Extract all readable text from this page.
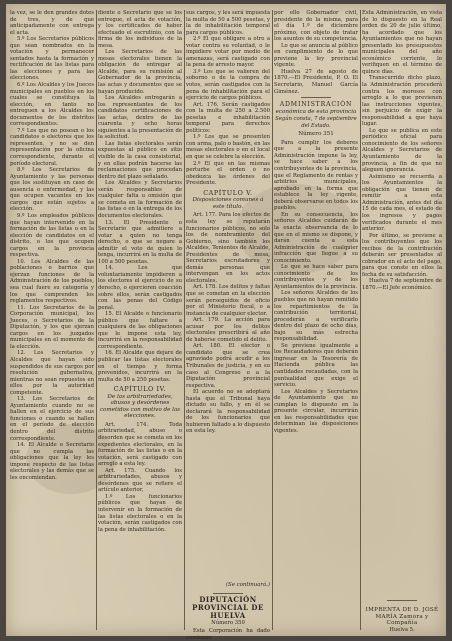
la vez, se le den grandes dotes de tres, y de que anticipadamente con entrega el acta.

5.º Los Secretarios públicos que sean nombrados en la votación y permanecer sentados hasta la formación y rectificación de las listas para las elecciones y para las elecciones.

6.º Los Alcaldes y los Jueces municipales en pueblos en los cuales se constituya la elección, en tanto no entreguen a los Alcaldes los documentos de los distritos correspondientes.

7.º Los que no posean o los candidatos o electores que los representen, y no se den representación por la oficina correspondiente, durante el período electoral.

8.º Los Secretarios de Ayuntamiento y las personas que los sustituyan en caso de ausencia o enfermedad, y las que ocupen vacantes en los cargos que están sujetos a elección.

9.º Los empleados públicos que hayan intervenido en la formación de las listas o en la elección de candidatos en el distrito, o los que ocupen cargos en la provincia respectiva.

10. Los Alcaldes de las poblaciones o barrios que ejerzan funciones de la Administración de los pueblos, sea cual fuere su categoría y los que comprenden los reglamentos respectivos.

11. Los Secretarios de la Corporación municipal, los Jueces, o Secretarios de la Diputación, y los que ejerzan cargos en los juzgados municipales en el momento de la elección.

12. Los Secretarios y Alcaldes que hayan sido suspendidos de sus cargos por resolución gubernativa, mientras no sean repuestos en ellos por la autoridad competente.

13. Los Secretarios de Ayuntamiento cuando no se hallen en el ejercicio de sus funciones o cuando se hallen en el período de elección dentro del distrito correspondiente.

14. El Alcalde o Secretario que no cumpla las obligaciones que la ley les impone respecto de las listas electorales y las demás que se les encomiendan.

diente o Secretario que se los entregue, el acta de votación, y los certificados de haber efectuado el escrutinio, con la firma de los individuos de la mesa.

Los Secretarios de las mesas electorales tienen la obligación de entregar al Alcalde, para su remisión al Gobernador de la provincia, las actas y documentos que se hayan producido.

Los Alcaldes entregarán a los representantes de los candidatos certificaciones de las actas, dentro de las cuarenta y ocho horas siguientes a la presentación de la solicitud.

Las listas electorales serán expuestas al público en sitio visible de la casa consistorial, y en ellas podrán hacerse las reclamaciones que procedan dentro del plazo señalado.

Los Alcaldes y Secretarios serán responsables de cualquier falta u omisión que se cometa en la formación de las listas o en la entrega de los documentos electorales.

13. El Presidente o Secretario que admitiere a votar a quien no tenga derecho, o que se negare a admitir el voto de quien lo tenga, incurrirá en la multa de 100 a 500 pesetas.

14. Los que voluntariamente impidieren a los electores el ejercicio de su derecho, o ejercieren coacción sobre ellos, serán castigados con las penas del Código penal.

15. El Alcalde o funcionario público que faltare a cualquiera de las obligaciones que le impone esta ley, incurrirá en la responsabilidad correspondiente.

16. El Alcalde que dejare de publicar las listas electorales en el tiempo y forma prevenidos, incurrirá en la multa de 50 a 250 pesetas.

CAPÍTULO IV.
De las arbitrariedades, abusos y desórdenes cometidos con motivo de las elecciones.

Art. 174. Toda arbitrariedad, abuso o desorden que se cometa en los expedientes electorales, en la formación de las listas o en la votación, será castigado con arreglo a esta ley.

Art. 175. Cuando los arbitrariedades, abusos y desórdenes que se refiere el artículo anterior,

1.º Los funcionarios públicos que hayan de intervenir en la formación de las listas electorales o en la votación, serán castigados con la pena de inhabilitación.

sus cargos, y les será impuesta la multa de 50 a 500 pesetas, y la de inhabilitación temporal para cargos públicos.

2.º El que obligare a otro a votar contra su voluntad, o le impidiere votar por medio de amenazas, será castigado con la pena de arresto mayor.

3.º Los que se valieren del soborno o de la compra de votos, serán castigados con la pena de inhabilitación para el ejercicio de cargos públicos.

Art. 176. Serán castigados con la multa de 250 a 2.500 pesetas e inhabilitación temporal para derechos políticos:

1.º Los que se presenten con arma, palo o bastón, en las mesas electorales o en el local en que se celebre la elección.

2.º El que en las mismas perturbe el orden o no obedezca las órdenes del Presidente.

CAPÍTULO V.
Disposiciones comunes á este título.

Art. 177. Para los efectos de esta ley se reputarán funcionarios públicos, no solo los de nombramiento del Gobierno, sino también los Alcaldes, Tenientes de Alcalde, Presidentes de mesa, Secretarios escrutadores y demás personas que intervengan en los actos electorales.

Art. 178. Los delitos y faltas que se cometan en la elección serán perseguidos de oficio por el Ministerio fiscal, o a instancia de cualquier elector.

Art. 179. La acción para acusar por los delitos electorales prescribirá al año de haberse cometido el delito.

Art. 180. El elector o candidato que se crea agraviado podrá acudir a los Tribunales de justicia, y en su caso al Congreso o a la Diputación provincial respectiva.

El acuerdo no se adoptará hasta que el Tribunal haya dictado su fallo, y en él se declarará la responsabilidad de los funcionarios que hubieren faltado a lo dispuesto en esta ley.

(Se continuará.)
DIPUTACIÓN PROVINCIAL DE HUELVA
Número 350

Esta Corporación ha dado comienzo

por ello Gobernador civil, presidente de la misma, para el día 1.º de diciembre próximo, con objeto de tratar los asuntos de su competencia.

Lo que se anuncia al público en cumplimiento de lo que previene la ley provincial vigente.

Huelva 27 de agosto de 1870.—El Presidente, P. O. El Secretario, Manuel García Giménez.

ADMINISTRACIÓN
económica de esta provincia
Según consta, 7 de septiembre del Estado.
Número 351

Para cumplir los deberes que a la presente Administración impone la ley, se hace saber a los contribuyentes de la provincia, que el Reglamento de rentas y arbitrios municipales, aprobado en la forma que establece la ley vigente, deberá observarse en todos los pueblos.

En su consecuencia, los señores Alcaldes cuidarán de la exacta observancia de lo que en el mismo se dispone, y darán cuenta a esta Administración de cualquier infracción que llegue a su conocimiento.

Lo que se hace saber para conocimiento de los contribuyentes y de los Ayuntamientos de la provincia.

Los señores Alcaldes de los pueblos que no hayan remitido los repartimientos de la contribución territorial, procederán a verificarlo dentro del plazo de ocho días, bajo su más estrecha responsabilidad.

Se previene igualmente a los Recaudadores que deberán ingresar en la Tesorería de Hacienda pública las cantidades recaudadas, con la puntualidad que exige el servicio.

Los Alcaldes y Secretarios de Ayuntamiento que no cumplan lo dispuesto en la presente circular, incurrirán en las responsabilidades que determinan las disposiciones vigentes.

Esta Administración, en vista de lo dispuesto en la Real orden de 20 de julio último, ha acordado que los Ayuntamientos que no hayan presentado los presupuestos municipales del año económico corriente, lo verifiquen en el término de quince días.

Transcurrido dicho plazo, la Administración procederá contra los morosos con arreglo a lo que previenen las instrucciones vigentes, sin perjuicio de exigir la responsabilidad a que haya lugar.

Lo que se publica en este periódico oficial para conocimiento de los señores Alcaldes y Secretarios de Ayuntamiento de la provincia, a fin de que no aleguen ignorancia.

Asimismo se recuerda a los Ayuntamientos la obligación que tienen de remitir a esta Administración, antes del día 15 de cada mes, el estado de los ingresos y pagos verificados durante el mes anterior.

Por último, se previene a los contribuyentes que los recibos de la contribución deberán ser presentados al cobrador en el acto del pago, para que conste en ellos la fecha de su satisfacción.

Huelva 7 de septiembre de 1870.—El Jefe económico.

IMPRENTA DE D. JOSÉ MARÍA Zamora y Compañía
Huelva 5.
